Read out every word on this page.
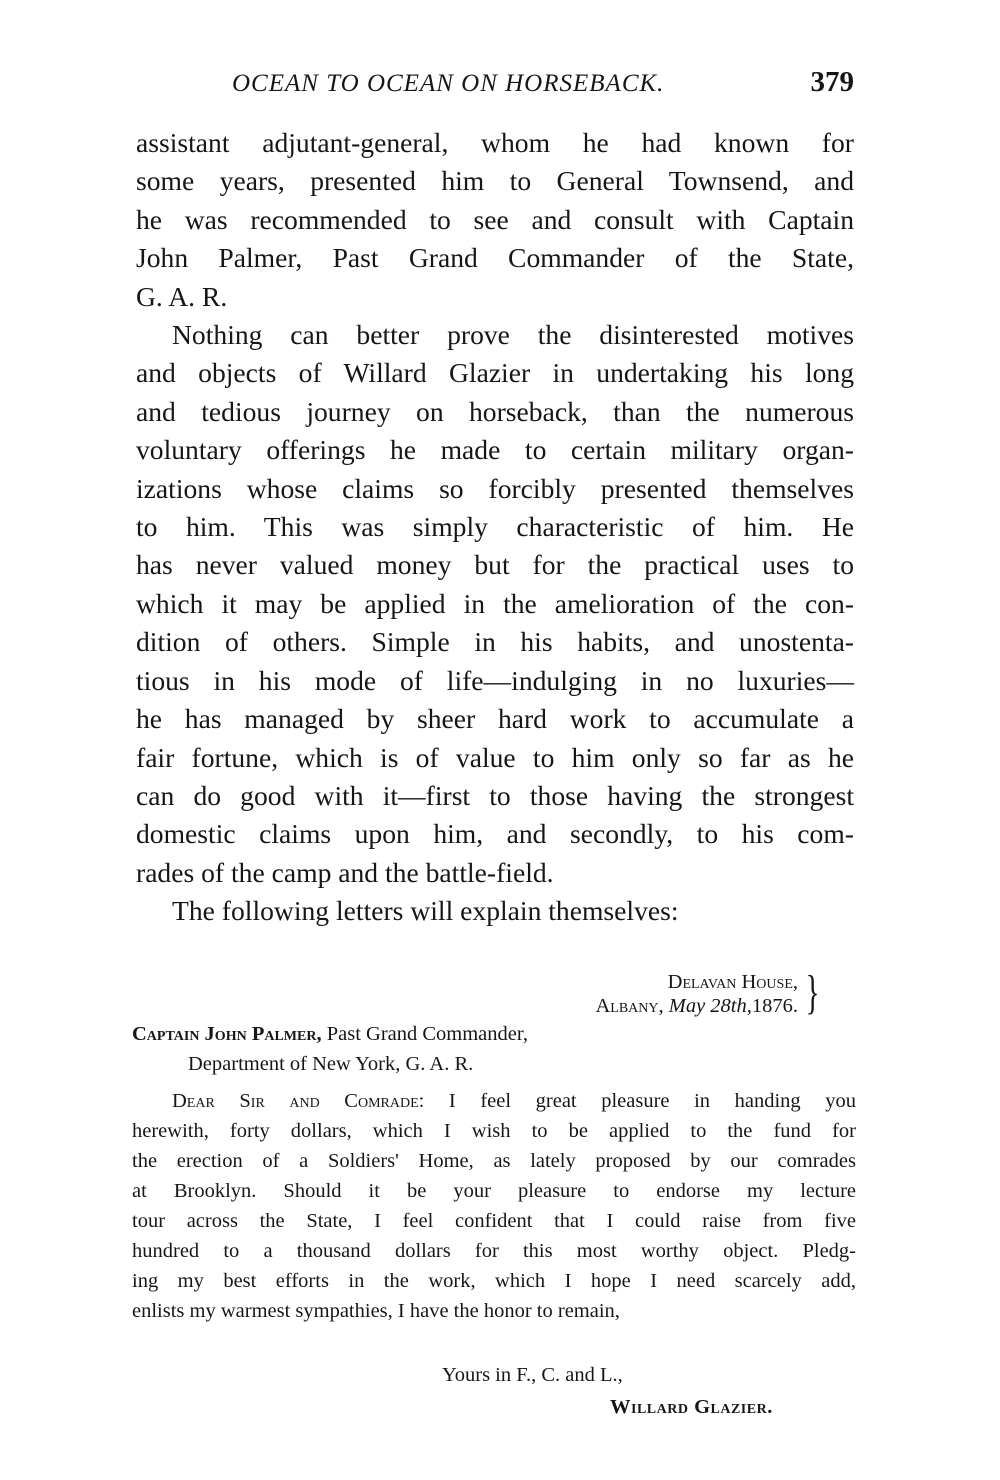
OCEAN TO OCEAN ON HORSEBACK.	379

assistant adjutant-general, whom he had known for
some years, presented him to General Townsend, and
he was recommended to see and consult with Captain
John Palmer, Past Grand Commander of the State,
G. A. R.

Nothing can better prove the disinterested motives
and objects of Willard Glazier in undertaking his long
and tedious journey on horseback, than the numerous
voluntary offerings he made to certain military organ-
izations whose claims so forcibly presented themselves
to him. This was simply characteristic of him. He
has never valued money but for the practical uses to
which it may be applied in the amelioration of the con-
dition of others. Simple in his habits, and unostenta-
tious in his mode of life—indulging in no luxuries—
he has managed by sheer hard work to accumulate a
fair fortune, which is of value to him only so far as he
can do good with it—first to those having the strongest
domestic claims upon him, and secondly, to his com-
rades of the camp and the battle-field.

The following letters will explain themselves:

Delavan House,
Albany, May 28th,1876. }
Captain John Palmer, Past Grand Commander,
Department of New York, G. A. R.
Dear Sir and Comrade: I feel great pleasure in handing you
herewith, forty dollars, which I wish to be applied to the fund for
the erection of a Soldiers' Home, as lately proposed by our comrades
at Brooklyn. Should it be your pleasure to endorse my lecture
tour across the State, I feel confident that I could raise from five
hundred to a thousand dollars for this most worthy object. Pledg-
ing my best efforts in the work, which I hope I need scarcely add,
enlists my warmest sympathies, I have the honor to remain,
Yours in F., C. and L.,
Willard Glazier.
